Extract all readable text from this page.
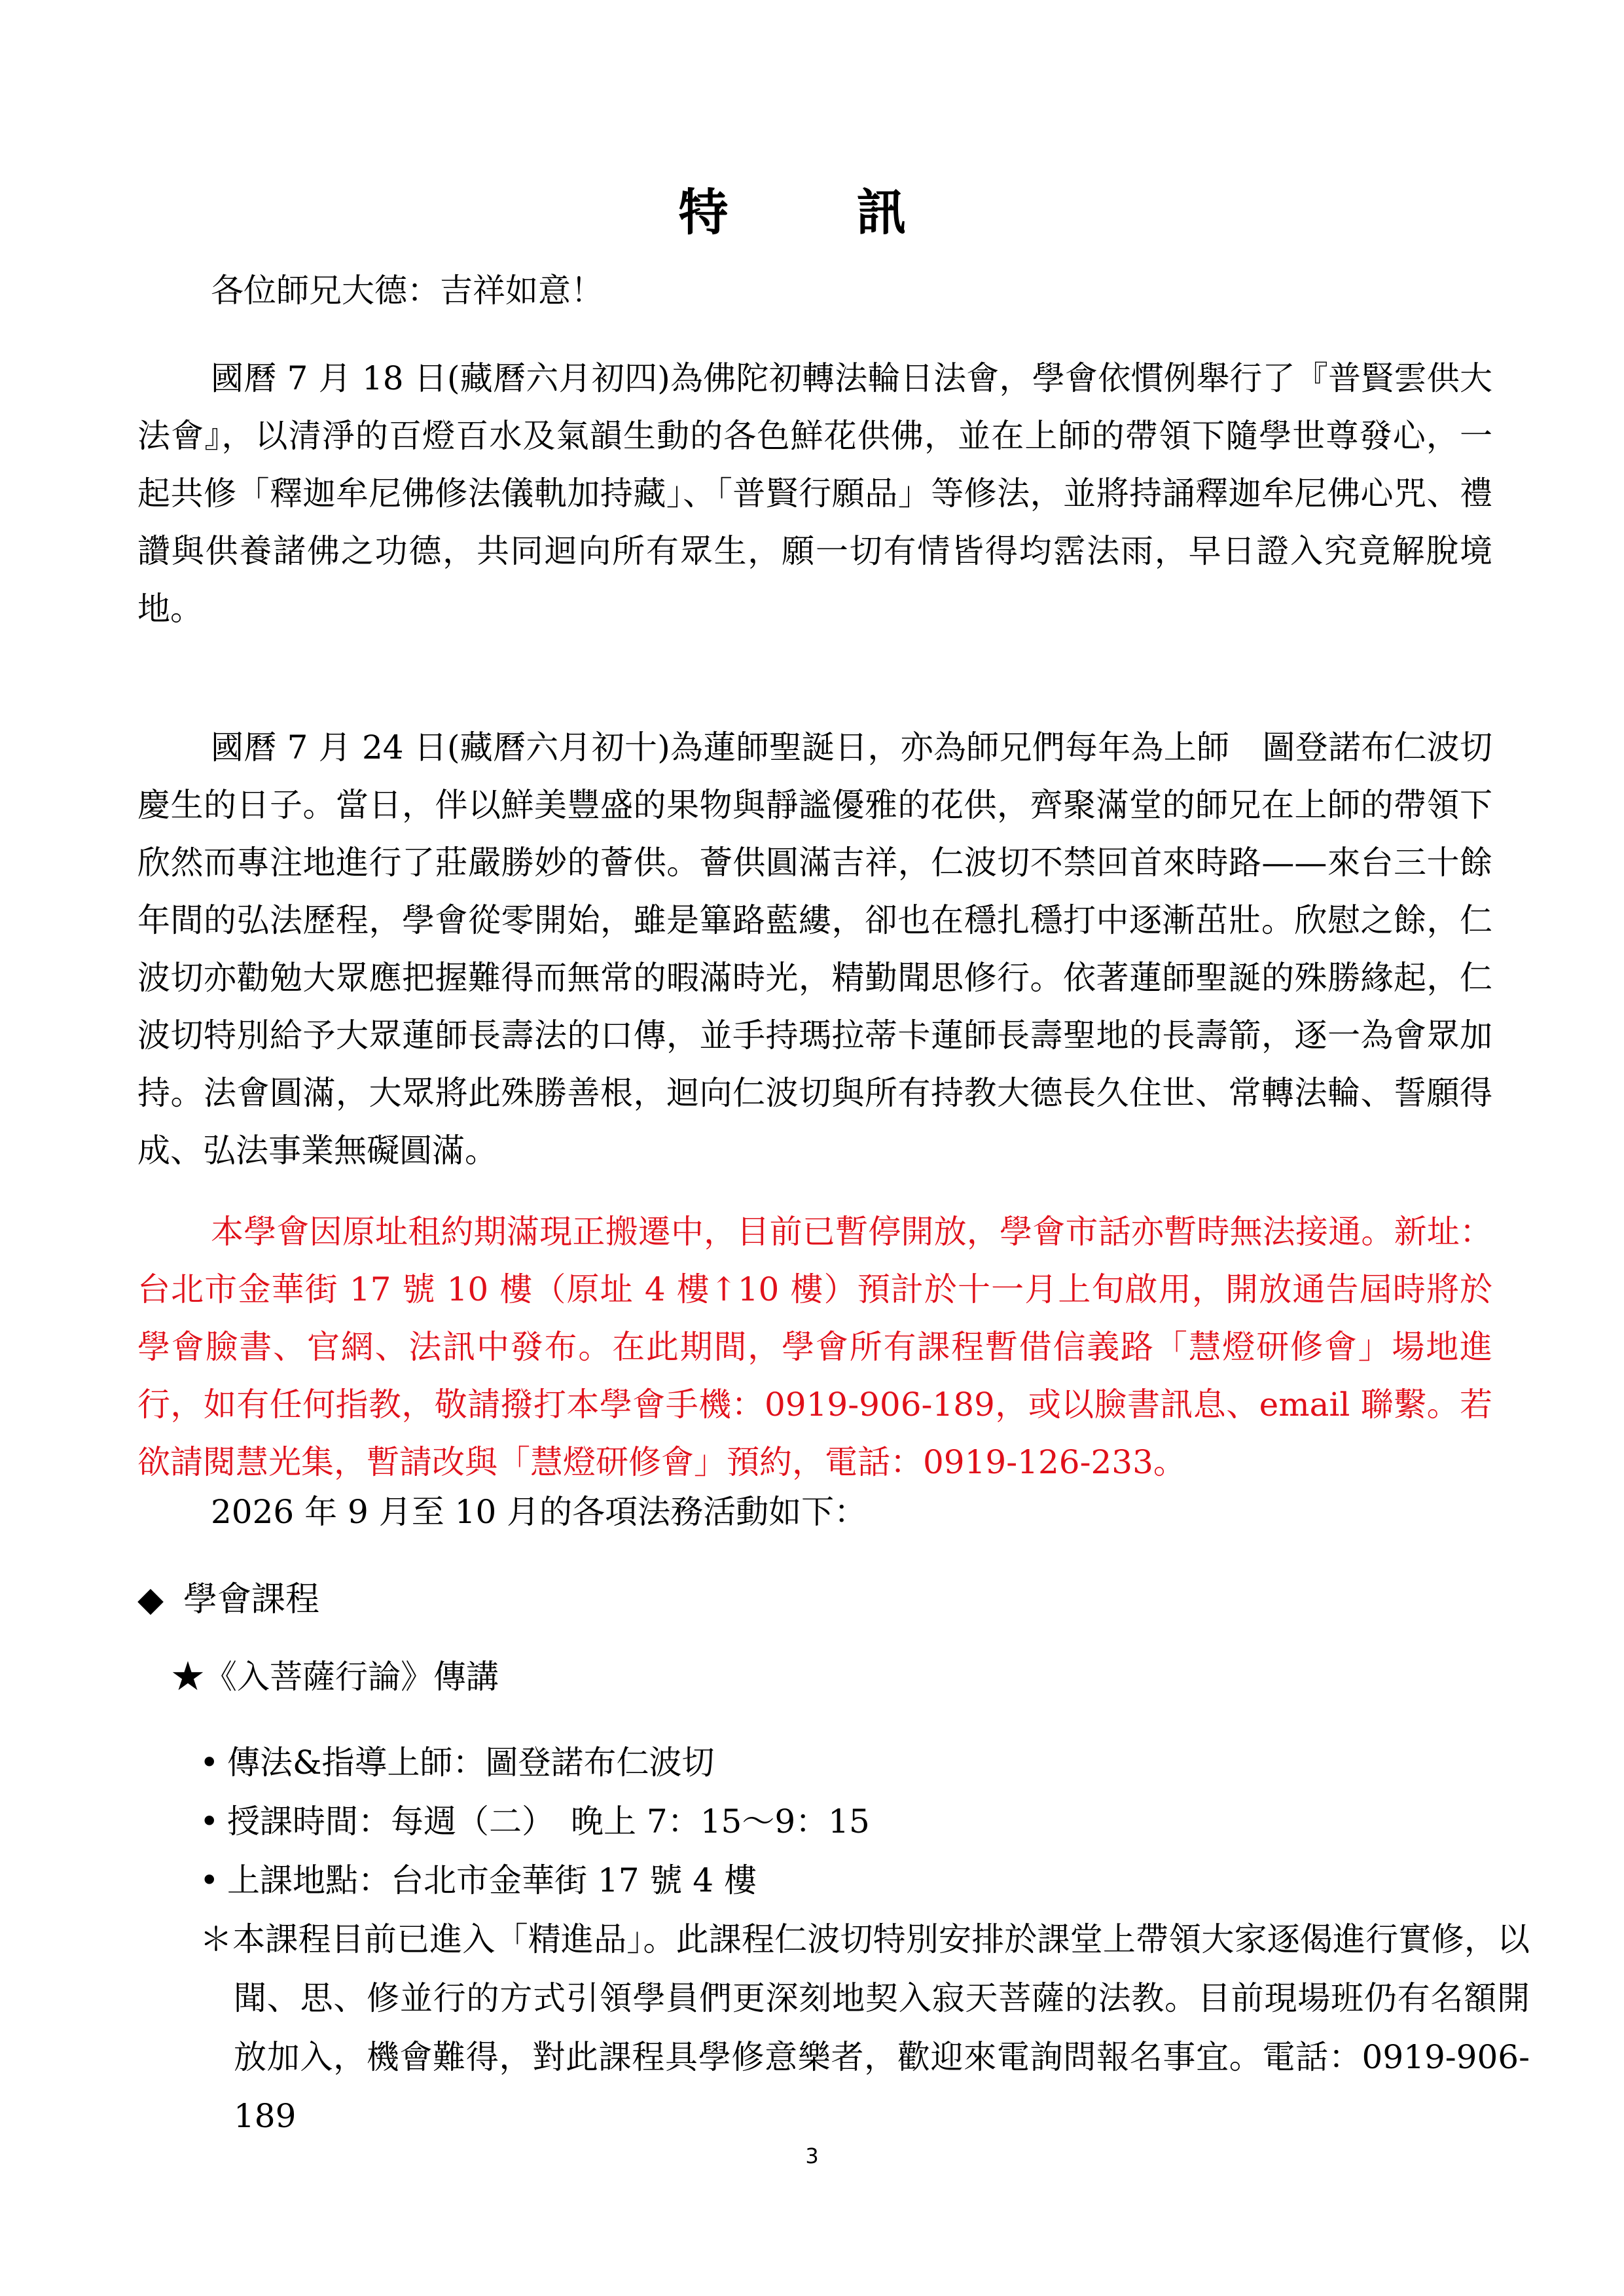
特　訊

各位師兄大德：吉祥如意！

國曆 7 月 18 日(藏曆六月初四)為佛陀初轉法輪日法會，學會依慣例舉行了『普賢雲供大法會』，以清淨的百燈百水及氣韻生動的各色鮮花供佛，並在上師的帶領下隨學世尊發心，一起共修「釋迦牟尼佛修法儀軌加持藏」、「普賢行願品」等修法，並將持誦釋迦牟尼佛心咒、禮讚與供養諸佛之功德，共同迴向所有眾生，願一切有情皆得均霑法雨，早日證入究竟解脫境地。

國曆 7 月 24 日(藏曆六月初十)為蓮師聖誕日，亦為師兄們每年為上師　圖登諾布仁波切慶生的日子。當日，伴以鮮美豐盛的果物與靜謐優雅的花供，齊聚滿堂的師兄在上師的帶領下欣然而專注地進行了莊嚴勝妙的薈供。薈供圓滿吉祥，仁波切不禁回首來時路——來台三十餘年間的弘法歷程，學會從零開始，雖是篳路藍縷，卻也在穩扎穩打中逐漸茁壯。欣慰之餘，仁波切亦勸勉大眾應把握難得而無常的暇滿時光，精勤聞思修行。依著蓮師聖誕的殊勝緣起，仁波切特別給予大眾蓮師長壽法的口傳，並手持瑪拉蒂卡蓮師長壽聖地的長壽箭，逐一為會眾加持。法會圓滿，大眾將此殊勝善根，迴向仁波切與所有持教大德長久住世、常轉法輪、誓願得成、弘法事業無礙圓滿。

本學會因原址租約期滿現正搬遷中，目前已暫停開放，學會市話亦暫時無法接通。新址：台北市金華街 17 號 10 樓（原址 4 樓↑10 樓）預計於十一月上旬啟用，開放通告屆時將於學會臉書、官網、法訊中發布。在此期間，學會所有課程暫借信義路「慧燈研修會」場地進行，如有任何指教，敬請撥打本學會手機：0919-906-189，或以臉書訊息、email 聯繫。若欲請閱慧光集，暫請改與「慧燈研修會」預約，電話：0919-126-233。

2026 年 9 月至 10 月的各項法務活動如下：

◆ 學會課程
★《入菩薩行論》傳講
• 傳法&指導上師：圖登諾布仁波切
• 授課時間：每週（二）　晚上 7：15～9：15
• 上課地點：台北市金華街 17 號 4 樓

＊本課程目前已進入「精進品」。此課程仁波切特別安排於課堂上帶領大家逐偈進行實修，以聞、思、修並行的方式引領學員們更深刻地契入寂天菩薩的法教。目前現場班仍有名額開放加入，機會難得，對此課程具學修意樂者，歡迎來電詢問報名事宜。電話：0919-906-189

3
